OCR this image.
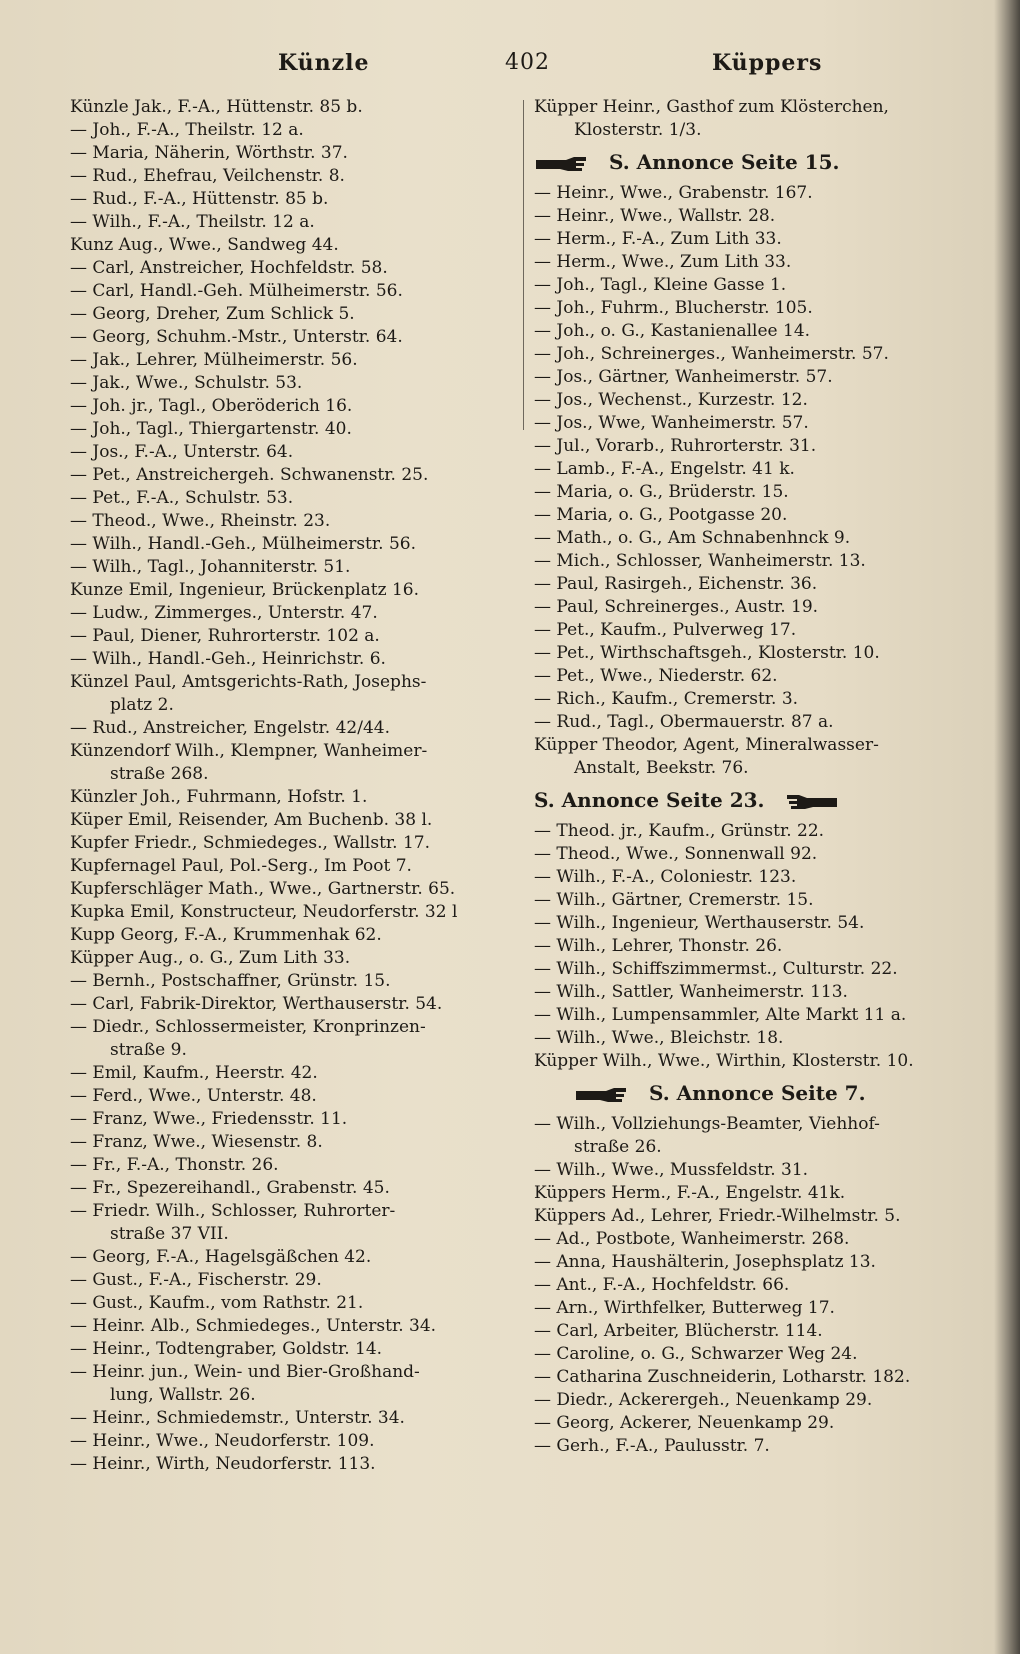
Künzle	402	Küppers
Künzle Jak., F.-A., Hüttenstr. 85 b.
— Joh., F.-A., Theilstr. 12 a.
— Maria, Näherin, Wörthstr. 37.
— Rud., Ehefrau, Veilchenstr. 8.
— Rud., F.-A., Hüttenstr. 85 b.
— Wilh., F.-A., Theilstr. 12 a.
Kunz Aug., Wwe., Sandweg 44.
— Carl, Anstreicher, Hochfeldstr. 58.
— Carl, Handl.-Geh. Mülheimerstr. 56.
— Georg, Dreher, Zum Schlick 5.
— Georg, Schuhm.-Mstr., Unterstr. 64.
— Jak., Lehrer, Mülheimerstr. 56.
— Jak., Wwe., Schulstr. 53.
— Joh. jr., Tagl., Oberöderich 16.
— Joh., Tagl., Thiergartenstr. 40.
— Jos., F.-A., Unterstr. 64.
— Pet., Anstreichergeh. Schwanenstr. 25.
— Pet., F.-A., Schulstr. 53.
— Theod., Wwe., Rheinstr. 23.
— Wilh., Handl.-Geh., Mülheimerstr. 56.
— Wilh., Tagl., Johanniterstr. 51.
Kunze Emil, Ingenieur, Brückenplatz 16.
— Ludw., Zimmerges., Unterstr. 47.
— Paul, Diener, Ruhrorterstr. 102 a.
— Wilh., Handl.-Geh., Heinrichstr. 6.
Künzel Paul, Amtsgerichts-Rath, Josephs-
platz 2.
— Rud., Anstreicher, Engelstr. 42/44.
Künzendorf Wilh., Klempner, Wanheimer-
straße 268.
Künzler Joh., Fuhrmann, Hofstr. 1.
Küper Emil, Reisender, Am Buchenb. 38 l.
Kupfer Friedr., Schmiedeges., Wallstr. 17.
Kupfernagel Paul, Pol.-Serg., Im Poot 7.
Kupferschläger Math., Wwe., Gartnerstr. 65.
Kupka Emil, Konstructeur, Neudorferstr. 32 l
Kupp Georg, F.-A., Krummenhak 62.
Küpper Aug., o. G., Zum Lith 33.
— Bernh., Postschaffner, Grünstr. 15.
— Carl, Fabrik-Direktor, Werthauserstr. 54.
— Diedr., Schlossermeister, Kronprinzen-
straße 9.
— Emil, Kaufm., Heerstr. 42.
— Ferd., Wwe., Unterstr. 48.
— Franz, Wwe., Friedensstr. 11.
— Franz, Wwe., Wiesenstr. 8.
— Fr., F.-A., Thonstr. 26.
— Fr., Spezereihandl., Grabenstr. 45.
— Friedr. Wilh., Schlosser, Ruhrorter-
straße 37 VII.
— Georg, F.-A., Hagelsgäßchen 42.
— Gust., F.-A., Fischerstr. 29.
— Gust., Kaufm., vom Rathstr. 21.
— Heinr. Alb., Schmiedeges., Unterstr. 34.
— Heinr., Todtengraber, Goldstr. 14.
— Heinr. jun., Wein- und Bier-Großhand-
lung, Wallstr. 26.
— Heinr., Schmiedemstr., Unterstr. 34.
— Heinr., Wwe., Neudorferstr. 109.
— Heinr., Wirth, Neudorferstr. 113.
Küpper Heinr., Gasthof zum Klösterchen,
Klosterstr. 1/3.
S. Annonce Seite 15.
— Heinr., Wwe., Grabenstr. 167.
— Heinr., Wwe., Wallstr. 28.
— Herm., F.-A., Zum Lith 33.
— Herm., Wwe., Zum Lith 33.
— Joh., Tagl., Kleine Gasse 1.
— Joh., Fuhrm., Blucherstr. 105.
— Joh., o. G., Kastanienallee 14.
— Joh., Schreinerges., Wanheimerstr. 57.
— Jos., Gärtner, Wanheimerstr. 57.
— Jos., Wechenst., Kurzestr. 12.
— Jos., Wwe, Wanheimerstr. 57.
— Jul., Vorarb., Ruhrorterstr. 31.
— Lamb., F.-A., Engelstr. 41 k.
— Maria, o. G., Brüderstr. 15.
— Maria, o. G., Pootgasse 20.
— Math., o. G., Am Schnabenhnck 9.
— Mich., Schlosser, Wanheimerstr. 13.
— Paul, Rasirgeh., Eichenstr. 36.
— Paul, Schreinerges., Austr. 19.
— Pet., Kaufm., Pulverweg 17.
— Pet., Wirthschaftsgeh., Klosterstr. 10.
— Pet., Wwe., Niederstr. 62.
— Rich., Kaufm., Cremerstr. 3.
— Rud., Tagl., Obermauerstr. 87 a.
Küpper Theodor, Agent, Mineralwasser-
Anstalt, Beekstr. 76.
S. Annonce Seite 23.
— Theod. jr., Kaufm., Grünstr. 22.
— Theod., Wwe., Sonnenwall 92.
— Wilh., F.-A., Coloniestr. 123.
— Wilh., Gärtner, Cremerstr. 15.
— Wilh., Ingenieur, Werthauserstr. 54.
— Wilh., Lehrer, Thonstr. 26.
— Wilh., Schiffszimmermst., Culturstr. 22.
— Wilh., Sattler, Wanheimerstr. 113.
— Wilh., Lumpensammler, Alte Markt 11 a.
— Wilh., Wwe., Bleichstr. 18.
Küpper Wilh., Wwe., Wirthin, Klosterstr. 10.
S. Annonce Seite 7.
— Wilh., Vollziehungs-Beamter, Viehhof-
straße 26.
— Wilh., Wwe., Mussfeldstr. 31.
Küppers Herm., F.-A., Engelstr. 41k.
Küppers Ad., Lehrer, Friedr.-Wilhelmstr. 5.
— Ad., Postbote, Wanheimerstr. 268.
— Anna, Haushälterin, Josephsplatz 13.
— Ant., F.-A., Hochfeldstr. 66.
— Arn., Wirthfelker, Butterweg 17.
— Carl, Arbeiter, Blücherstr. 114.
— Caroline, o. G., Schwarzer Weg 24.
— Catharina Zuschneiderin, Lotharstr. 182.
— Diedr., Ackerergeh., Neuenkamp 29.
— Georg, Ackerer, Neuenkamp 29.
— Gerh., F.-A., Paulusstr. 7.
